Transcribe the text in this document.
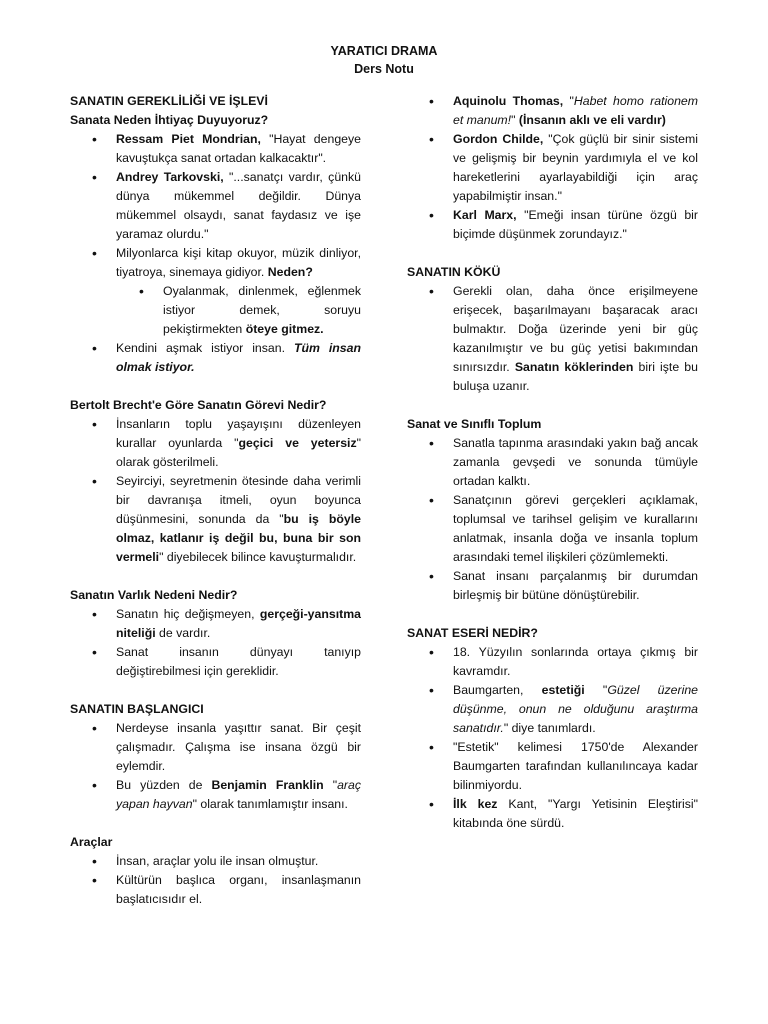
YARATICI DRAMA
Ders Notu

SANATIN GEREKLİLİĞİ VE İŞLEVİ

Sanata Neden İhtiyaç Duyuyoruz?

• Ressam Piet Mondrian, "Hayat dengeye kavuştukça sanat ortadan kalkacaktır".
• Andrey Tarkovski, "...sanatçı vardır, çünkü dünya mükemmel değildir. Dünya mükemmel olsaydı, sanat faydasız ve işe yaramaz olurdu."
• Milyonlarca kişi kitap okuyor, müzik dinliyor, tiyatroya, sinemaya gidiyor. Neden?
• Oyalanmak, dinlenmek, eğlenmek istiyor demek, soruyu pekiştirmekten öteye gitmez.
• Kendini aşmak istiyor insan. Tüm insan olmak istiyor.

Bertolt Brecht'e Göre Sanatın Görevi Nedir?

• İnsanların toplu yaşayışını düzenleyen kurallar oyunlarda "geçici ve yetersiz" olarak gösterilmeli.
• Seyirciyi, seyretmenin ötesinde daha verimli bir davranışa itmeli, oyun boyunca düşünmesini, sonunda da "bu iş böyle olmaz, katlanır iş değil bu, buna bir son vermeli" diyebilecek bilince kavuşturmalıdır.

Sanatın Varlık Nedeni Nedir?

• Sanatın hiç değişmeyen, gerçeği-yansıtma niteliği de vardır.
• Sanat insanın dünyayı tanıyıp değiştirebilmesi için gereklidir.

SANATIN BAŞLANGICI

• Nerdeyse insanla yaşıttır sanat. Bir çeşit çalışmadır. Çalışma ise insana özgü bir eylemdir.
• Bu yüzden de Benjamin Franklin "araç yapan hayvan" olarak tanımlamıştır insanı.

Araçlar

• İnsan, araçlar yolu ile insan olmuştur.
• Kültürün başlıca organı, insanlaşmanın başlatıcısıdır el.
• Aquinolu Thomas, "Habet homo rationem et manum!" (İnsanın aklı ve eli vardır)
• Gordon Childe, "Çok güçlü bir sinir sistemi ve gelişmiş bir beynin yardımıyla el ve kol hareketlerini ayarlayabildiği için araç yapabilmiştir insan."
• Karl Marx, "Emeği insan türüne özgü bir biçimde düşünmek zorundayız."

SANATIN KÖKÜ

• Gerekli olan, daha önce erişilmeyene erişecek, başarılmayanı başaracak aracı bulmaktır. Doğa üzerinde yeni bir güç kazanılmıştır ve bu güç yetisi bakımından sınırsızdır. Sanatın köklerinden biri işte bu buluşa uzanır.

Sanat ve Sınıflı Toplum

• Sanatla tapınma arasındaki yakın bağ ancak zamanla gevşedi ve sonunda tümüyle ortadan kalktı.
• Sanatçının görevi gerçekleri açıklamak, toplumsal ve tarihsel gelişim ve kurallarını anlatmak, insanla doğa ve insanla toplum arasındaki temel ilişkileri çözümlemekti.
• Sanat insanı parçalanmış bir durumdan birleşmiş bir bütüne dönüştürebilir.

SANAT ESERİ NEDİR?

• 18. Yüzyılın sonlarında ortaya çıkmış bir kavramdır.
• Baumgarten, estetiği "Güzel üzerine düşünme, onun ne olduğunu araştırma sanatıdır." diye tanımlardı.
• "Estetik" kelimesi 1750'de Alexander Baumgarten tarafından kullanılıncaya kadar bilinmiyordu.
• İlk kez Kant, "Yargı Yetisinin Eleştirisi" kitabında öne sürdü.
